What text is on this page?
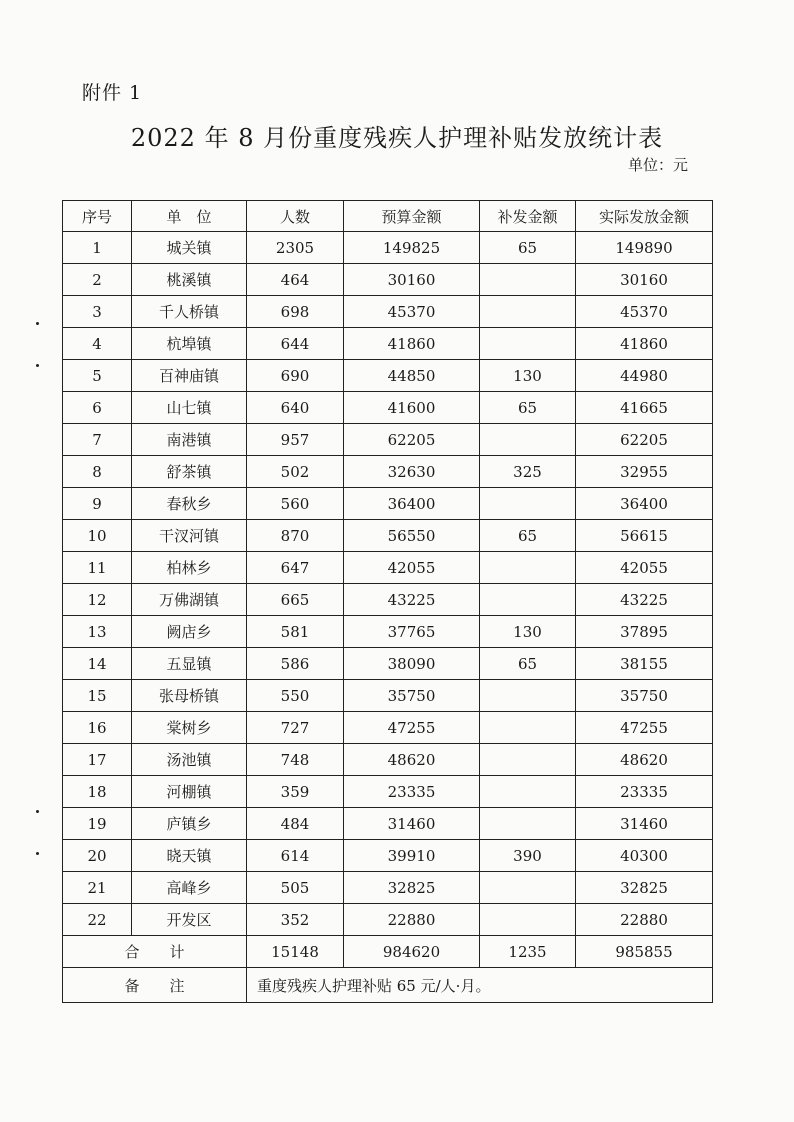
附件 1
2022 年 8 月份重度残疾人护理补贴发放统计表
单位：元
序号	单　位	人数	预算金额	补发金额	实际发放金额
1	城关镇	2305	149825	65	149890
2	桃溪镇	464	30160		30160
3	千人桥镇	698	45370		45370
4	杭埠镇	644	41860		41860
5	百神庙镇	690	44850	130	44980
6	山七镇	640	41600	65	41665
7	南港镇	957	62205		62205
8	舒茶镇	502	32630	325	32955
9	春秋乡	560	36400		36400
10	干汊河镇	870	56550	65	56615
11	柏林乡	647	42055		42055
12	万佛湖镇	665	43225		43225
13	阙店乡	581	37765	130	37895
14	五显镇	586	38090	65	38155
15	张母桥镇	550	35750		35750
16	棠树乡	727	47255		47255
17	汤池镇	748	48620		48620
18	河棚镇	359	23335		23335
19	庐镇乡	484	31460		31460
20	晓天镇	614	39910	390	40300
21	高峰乡	505	32825		32825
22	开发区	352	22880		22880
合　　计		15148	984620	1235	985855
备　　注		重度残疾人护理补贴 65 元/人·月。			
